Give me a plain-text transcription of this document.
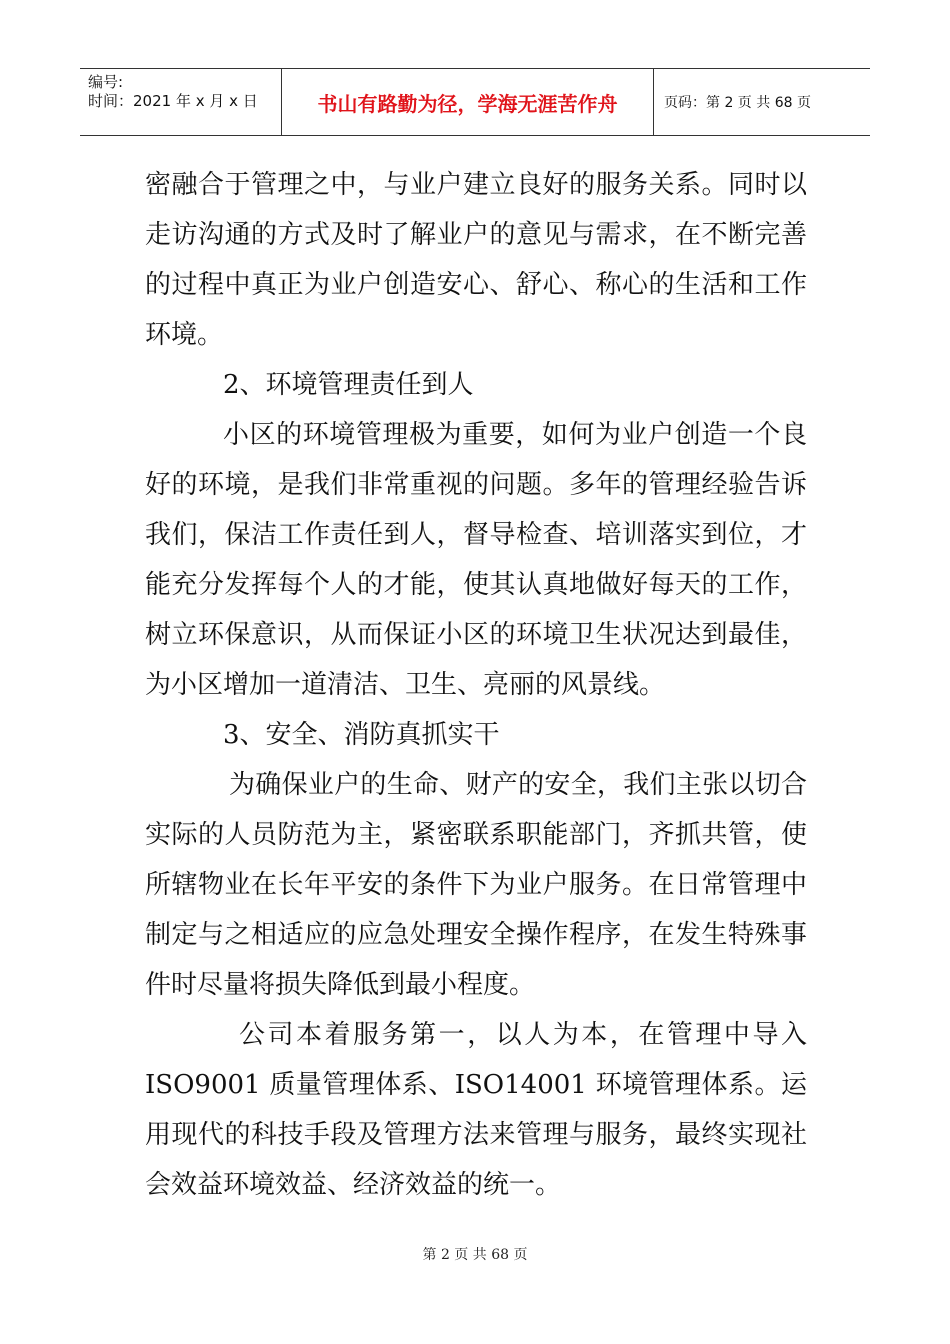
编号:
时间：2021 年 x 月 x 日	书山有路勤为径，学海无涯苦作舟	页码：第 2 页 共 68 页

密融合于管理之中，与业户建立良好的服务关系。同时以走访沟通的方式及时了解业户的意见与需求，在不断完善的过程中真正为业户创造安心、舒心、称心的生活和工作环境。

2、环境管理责任到人

小区的环境管理极为重要，如何为业户创造一个良好的环境，是我们非常重视的问题。多年的管理经验告诉我们，保洁工作责任到人，督导检查、培训落实到位，才能充分发挥每个人的才能，使其认真地做好每天的工作，树立环保意识，从而保证小区的环境卫生状况达到最佳，为小区增加一道清洁、卫生、亮丽的风景线。

3、安全、消防真抓实干

为确保业户的生命、财产的安全，我们主张以切合实际的人员防范为主，紧密联系职能部门，齐抓共管，使所辖物业在长年平安的条件下为业户服务。在日常管理中制定与之相适应的应急处理安全操作程序，在发生特殊事件时尽量将损失降低到最小程度。

公司本着服务第一，以人为本，在管理中导入 ISO9001 质量管理体系、ISO14001 环境管理体系。运用现代的科技手段及管理方法来管理与服务，最终实现社会效益环境效益、经济效益的统一。

第 2 页 共 68 页
